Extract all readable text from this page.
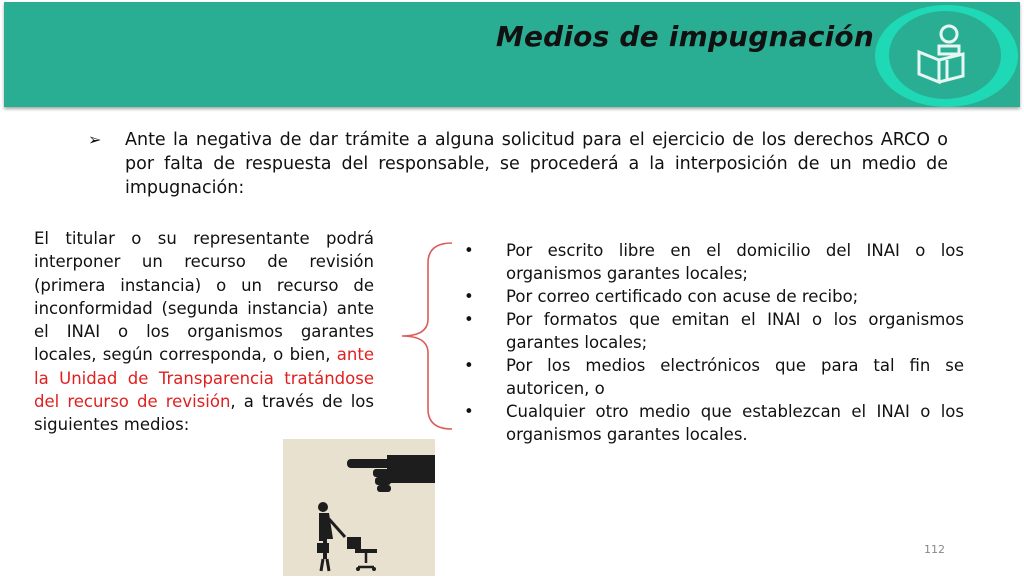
Medios de impugnación
➢ Ante la negativa de dar trámite a alguna solicitud para el ejercicio de los derechos ARCO o por falta de respuesta del responsable, se procederá a la interposición de un medio de impugnación:
El titular o su representante podrá interponer un recurso de revisión (primera instancia) o un recurso de inconformidad (segunda instancia) ante el INAI o los organismos garantes locales, según corresponda, o bien, ante la Unidad de Transparencia tratándose del recurso de revisión, a través de los siguientes medios:
• Por escrito libre en el domicilio del INAI o los organismos garantes locales;
• Por correo certificado con acuse de recibo;
• Por formatos que emitan el INAI o los organismos garantes locales;
• Por los medios electrónicos que para tal fin se autoricen, o
• Cualquier otro medio que establezcan el INAI o los organismos garantes locales.
112
